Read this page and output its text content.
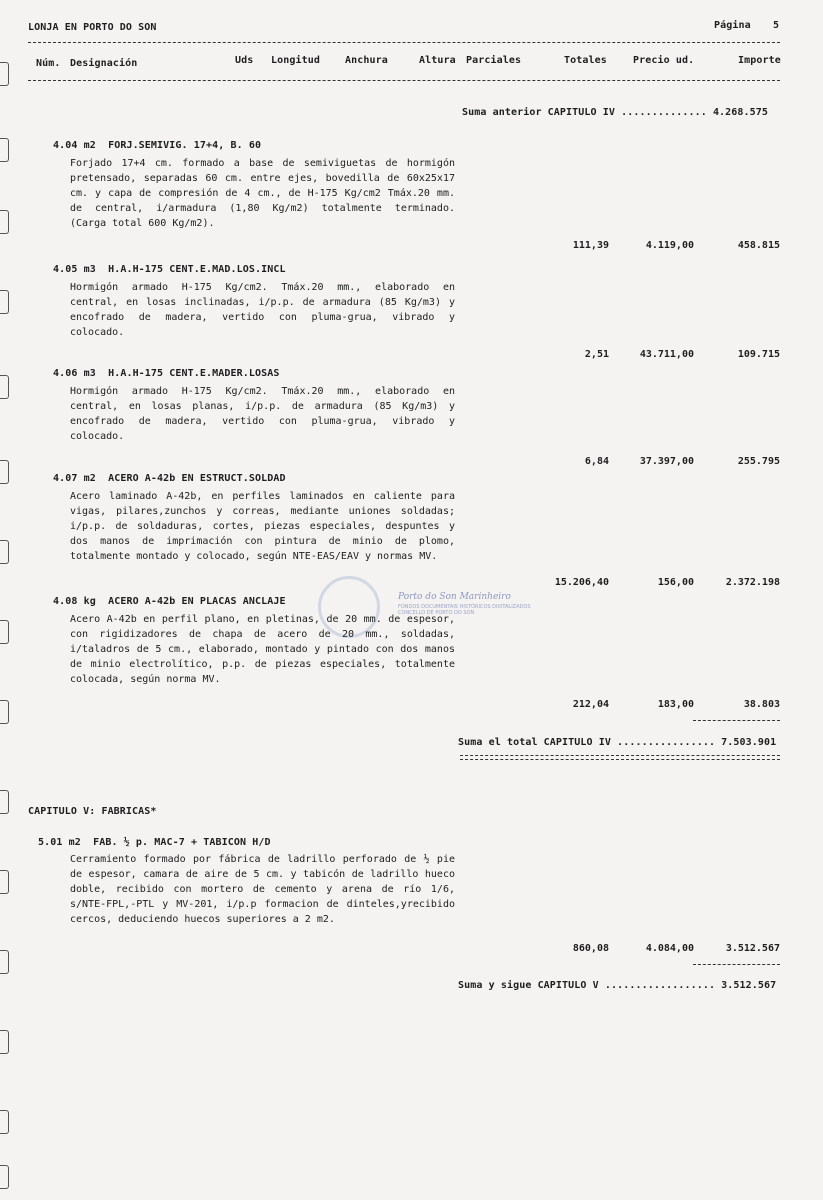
LONJA EN PORTO DO SON	Página 5
Núm. Designación	Uds Longitud	Anchura	Altura Parciales	Totales	Precio ud.	Importe
Suma anterior CAPITULO IV .............. 4.268.575
4.04 m2  FORJ.SEMIVIG. 17+4, B. 60
Forjado 17+4 cm. formado a base de semiviguetas de hormigón pretensado, separadas 60 cm. entre ejes, bovedilla de 60x25x17 cm. y capa de compresión de 4 cm., de H-175 Kg/cm2 Tmáx.20 mm. de central, i/armadura (1,80 Kg/m2) totalmente terminado. (Carga total 600 Kg/m2).
111,39	4.119,00	458.815
4.05 m3  H.A.H-175 CENT.E.MAD.LOS.INCL
Hormigón armado H-175 Kg/cm2. Tmáx.20 mm., elaborado en central, en losas inclinadas, i/p.p. de armadura (85 Kg/m3) y encofrado de madera, vertido con pluma-grua, vibrado y colocado.
2,51	43.711,00	109.715
4.06 m3  H.A.H-175 CENT.E.MADER.LOSAS
Hormigón armado H-175 Kg/cm2. Tmáx.20 mm., elaborado en central, en losas planas, i/p.p. de armadura (85 Kg/m3) y encofrado de madera, vertido con pluma-grua, vibrado y colocado.
6,84	37.397,00	255.795
4.07 m2  ACERO A-42b EN ESTRUCT.SOLDAD
Acero laminado A-42b, en perfiles laminados en caliente para vigas, pilares,zunchos y correas, mediante uniones soldadas; i/p.p. de soldaduras, cortes, piezas especiales, despuntes y dos manos de imprimación con pintura de minio de plomo, totalmente montado y colocado, según NTE-EAS/EAV y normas MV.
15.206,40	156,00	2.372.198
Porto do Son Marinheiro
FONDOS DOCUMENTAIS HISTÓRICOS DIXITALIZADOS
CONCELLO DE PORTO DO SON
4.08 kg  ACERO A-42b EN PLACAS ANCLAJE
Acero A-42b en perfil plano, en pletinas, de 20 mm. de espesor, con rigidizadores de chapa de acero de 20 mm., soldadas, i/taladros de 5 cm., elaborado, montado y pintado con dos manos de minio electrolítico, p.p. de piezas especiales, totalmente colocada, según norma MV.
212,04	183,00	38.803
Suma el total CAPITULO IV ................ 7.503.901
CAPITULO V: FABRICAS*
5.01 m2  FAB. ½ p. MAC-7 + TABICON H/D
Cerramiento formado por fábrica de ladrillo perforado de ½ pie de espesor, camara de aire de 5 cm. y tabicón de ladrillo hueco doble, recibido con mortero de cemento y arena de río 1/6, s/NTE-FPL,-PTL y MV-201, i/p.p formacion de dinteles,yrecibido cercos, deduciendo huecos superiores a 2 m2.
860,08	4.084,00	3.512.567
Suma y sigue CAPITULO V .................. 3.512.567
